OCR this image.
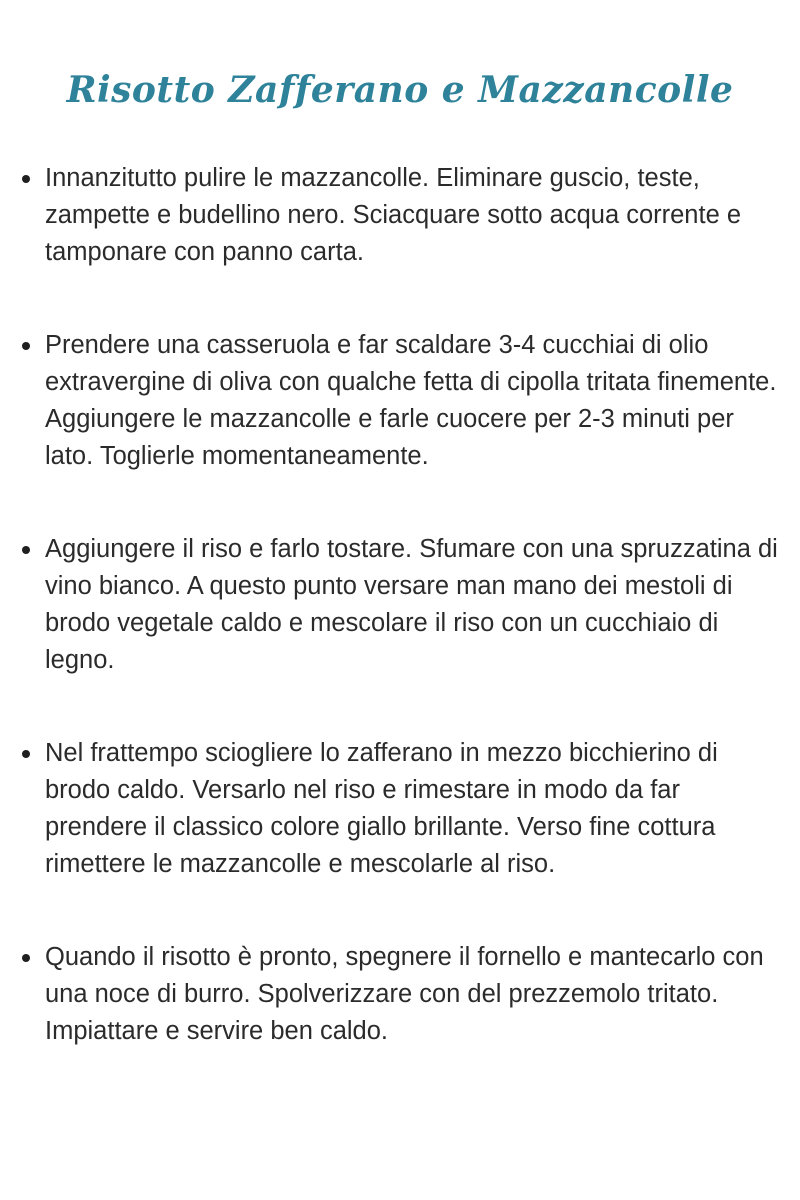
Risotto Zafferano e Mazzancolle
Innanzitutto pulire le mazzancolle. Eliminare guscio, teste, zampette e budellino nero. Sciacquare sotto acqua corrente e tamponare con panno carta.
Prendere una casseruola e far scaldare 3-4 cucchiai di olio extravergine di oliva con qualche fetta di cipolla tritata finemente. Aggiungere le mazzancolle e farle cuocere per 2-3 minuti per lato. Toglierle momentaneamente.
Aggiungere il riso e farlo tostare. Sfumare con una spruzzatina di vino bianco. A questo punto versare man mano dei mestoli di brodo vegetale caldo e mescolare il riso con un cucchiaio di legno.
Nel frattempo sciogliere lo zafferano in mezzo bicchierino di brodo caldo. Versarlo nel riso e rimestare in modo da far prendere il classico colore giallo brillante. Verso fine cottura rimettere le mazzancolle e mescolarle al riso.
Quando il risotto è pronto, spegnere il fornello e mantecarlo con una noce di burro. Spolverizzare con del prezzemolo tritato. Impiattare e servire ben caldo.
